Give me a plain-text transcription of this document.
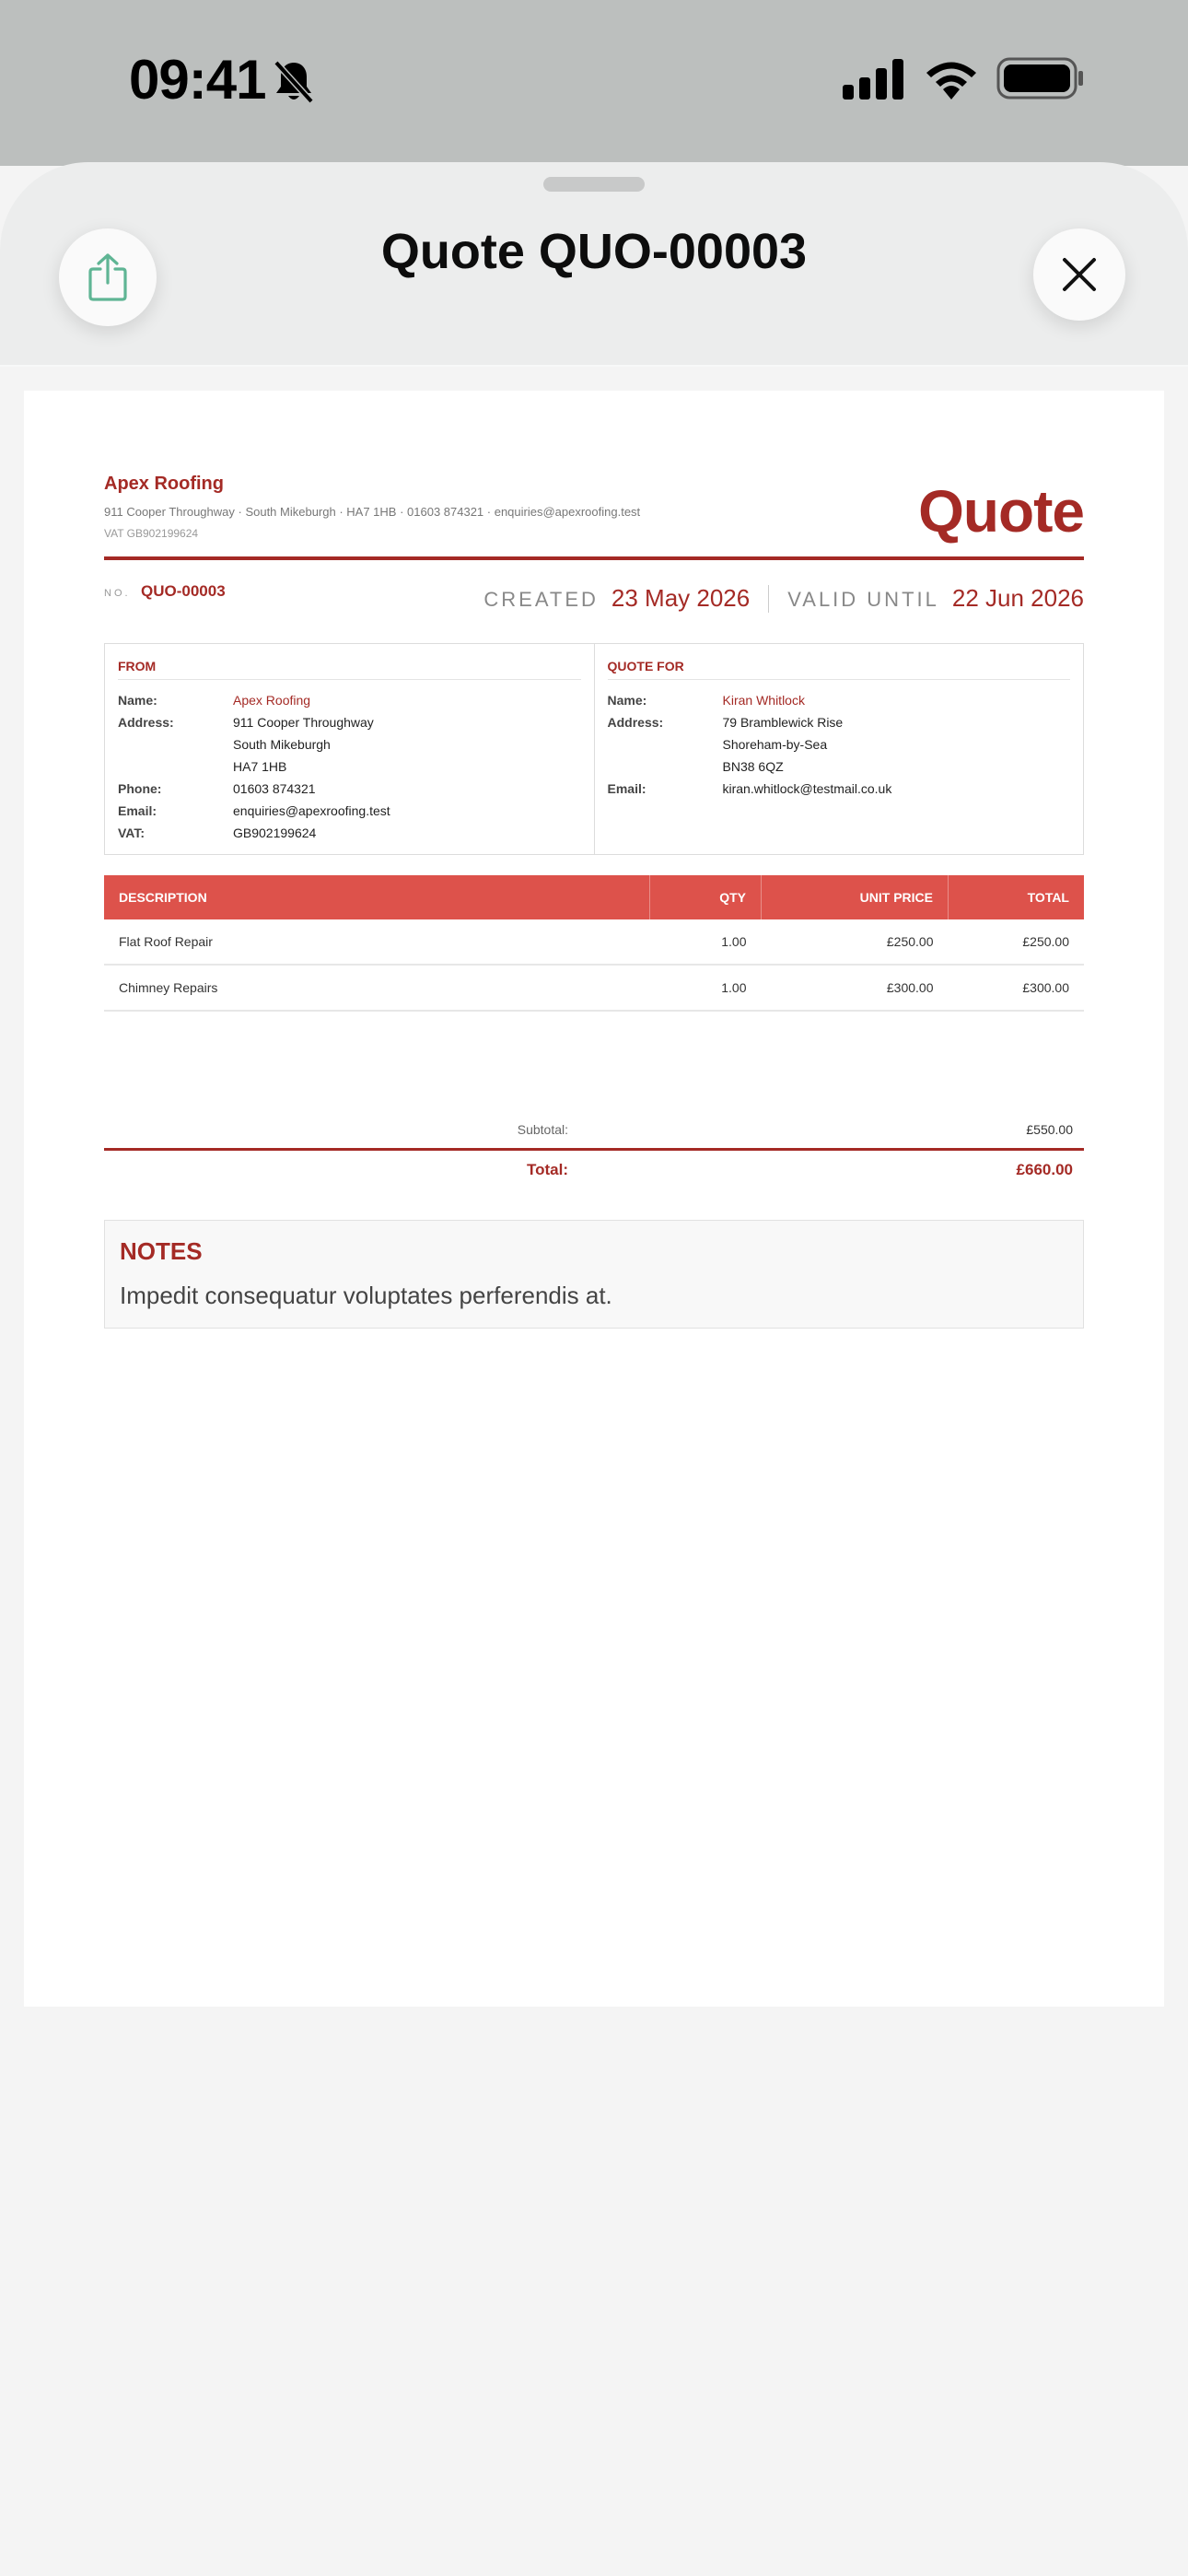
09:41
Quote QUO-00003
Apex Roofing
911 Cooper Throughway · South Mikeburgh · HA7 1HB · 01603 874321 · enquiries@apexroofing.test
VAT GB902199624	Quote
NO. QUO-00003	CREATED 23 May 2026 VALID UNTIL 22 Jun 2026
FROM
Name:	Apex Roofing
Address:	911 Cooper Throughway
South Mikeburgh
HA7 1HB
Phone:	01603 874321
Email:	enquiries@apexroofing.test
VAT:	GB902199624
QUOTE FOR
Name:	Kiran Whitlock
Address:	79 Bramblewick Rise
Shoreham-by-Sea
BN38 6QZ
Email:	kiran.whitlock@testmail.co.uk
DESCRIPTION	QTY	UNIT PRICE	TOTAL
Flat Roof Repair	1.00	£250.00	£250.00
Chimney Repairs	1.00	£300.00	£300.00
Subtotal:	£550.00
Total:	£660.00
NOTES
Impedit consequatur voluptates perferendis at.
